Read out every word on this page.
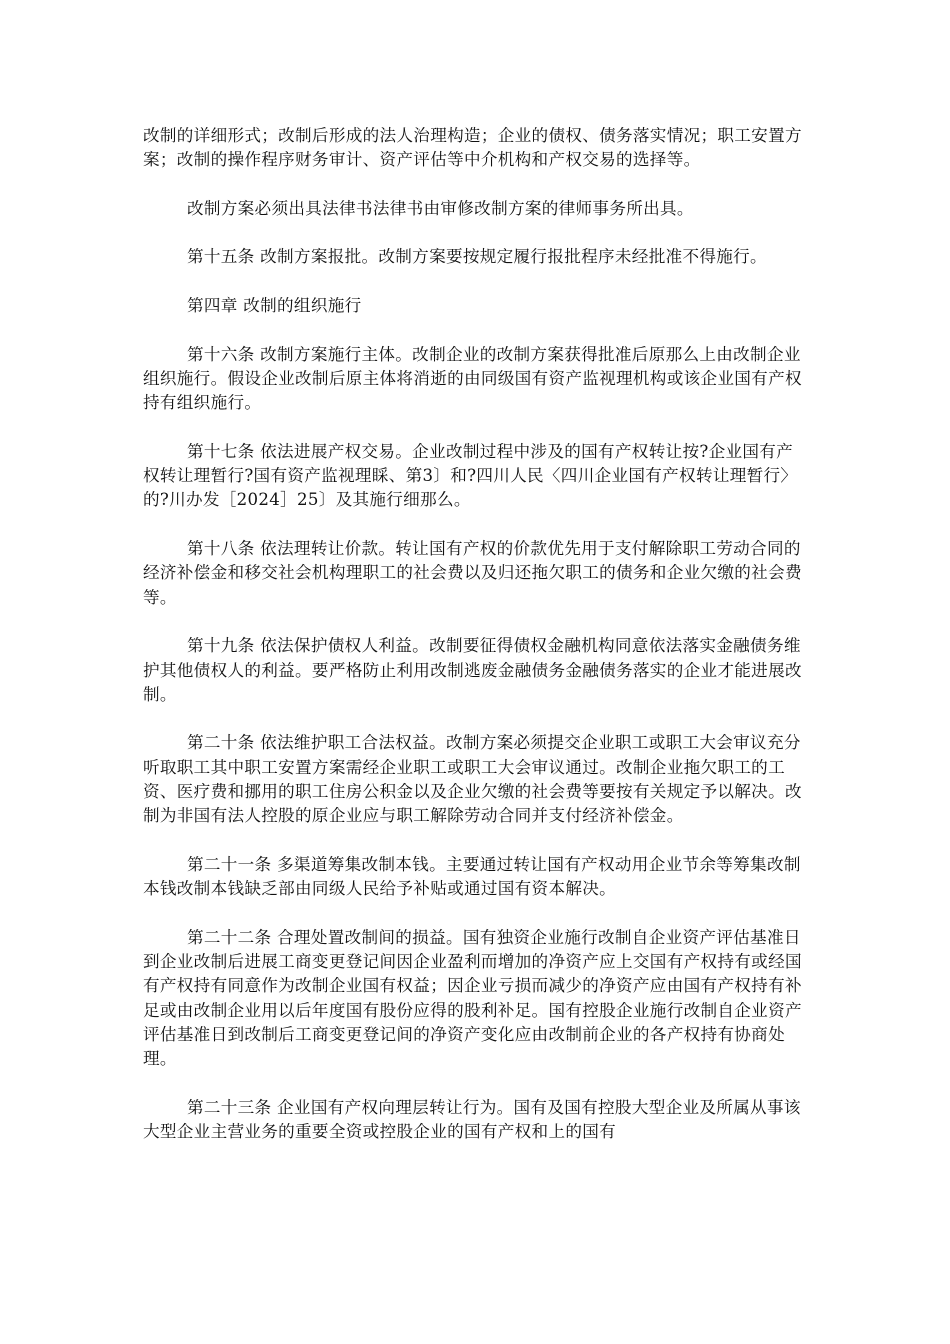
改制的详细形式；改制后形成的法人治理构造；企业的债权、债务落实情况；职工安置方案；改制的操作程序财务审计、资产评估等中介机构和产权交易的选择等。

改制方案必须出具法律书法律书由审修改制方案的律师事务所出具。

第十五条 改制方案报批。改制方案要按规定履行报批程序未经批准不得施行。

第四章 改制的组织施行

第十六条 改制方案施行主体。改制企业的改制方案获得批准后原那么上由改制企业组织施行。假设企业改制后原主体将消逝的由同级国有资产监视理机构或该企业国有产权持有组织施行。

第十七条 依法进展产权交易。企业改制过程中涉及的国有产权转让按?企业国有产权转让理暂行?国有资产监视理睬、第3〕和?四川人民〈四川企业国有产权转让理暂行〉的?川办发［2024］25〕及其施行细那么。

第十八条 依法理转让价款。转让国有产权的价款优先用于支付解除职工劳动合同的经济补偿金和移交社会机构理职工的社会费以及归还拖欠职工的债务和企业欠缴的社会费等。

第十九条 依法保护债权人利益。改制要征得债权金融机构同意依法落实金融债务维护其他债权人的利益。要严格防止利用改制逃废金融债务金融债务落实的企业才能进展改制。

第二十条 依法维护职工合法权益。改制方案必须提交企业职工或职工大会审议充分听取职工其中职工安置方案需经企业职工或职工大会审议通过。改制企业拖欠职工的工资、医疗费和挪用的职工住房公积金以及企业欠缴的社会费等要按有关规定予以解决。改制为非国有法人控股的原企业应与职工解除劳动合同并支付经济补偿金。

第二十一条 多渠道筹集改制本钱。主要通过转让国有产权动用企业节余等筹集改制本钱改制本钱缺乏部由同级人民给予补贴或通过国有资本解决。

第二十二条 合理处置改制间的损益。国有独资企业施行改制自企业资产评估基准日到企业改制后进展工商变更登记间因企业盈利而增加的净资产应上交国有产权持有或经国有产权持有同意作为改制企业国有权益；因企业亏损而减少的净资产应由国有产权持有补足或由改制企业用以后年度国有股份应得的股利补足。国有控股企业施行改制自企业资产评估基准日到改制后工商变更登记间的净资产变化应由改制前企业的各产权持有协商处理。

第二十三条 企业国有产权向理层转让行为。国有及国有控股大型企业及所属从事该大型企业主营业务的重要全资或控股企业的国有产权和上的国有
